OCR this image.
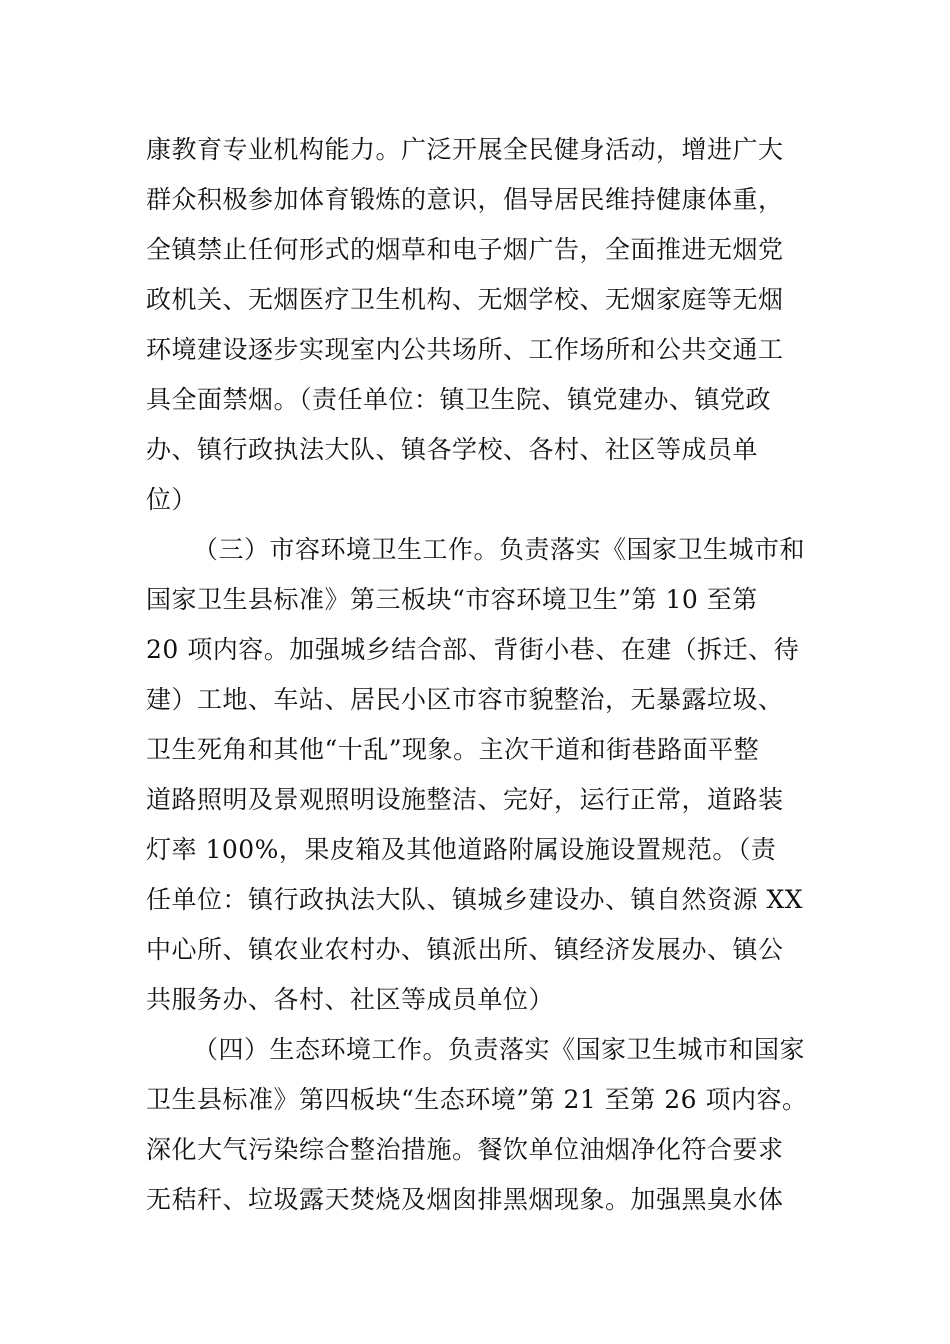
康教育专业机构能力。广泛开展全民健身活动，增进广大
群众积极参加体育锻炼的意识，倡导居民维持健康体重，
全镇禁止任何形式的烟草和电子烟广告，全面推进无烟党
政机关、无烟医疗卫生机构、无烟学校、无烟家庭等无烟
环境建设逐步实现室内公共场所、工作场所和公共交通工
具全面禁烟。（责任单位：镇卫生院、镇党建办、镇党政
办、镇行政执法大队、镇各学校、各村、社区等成员单
位）
（三）市容环境卫生工作。负责落实《国家卫生城市和
国家卫生县标准》第三板块“市容环境卫生”第 10 至第
20 项内容。加强城乡结合部、背街小巷、在建（拆迁、待
建）工地、车站、居民小区市容市貌整治，无暴露垃圾、
卫生死角和其他“十乱”现象。主次干道和街巷路面平整
道路照明及景观照明设施整洁、完好，运行正常，道路装
灯率 100%，果皮箱及其他道路附属设施设置规范。（责
任单位：镇行政执法大队、镇城乡建设办、镇自然资源 XX
中心所、镇农业农村办、镇派出所、镇经济发展办、镇公
共服务办、各村、社区等成员单位）
（四）生态环境工作。负责落实《国家卫生城市和国家
卫生县标准》第四板块“生态环境”第 21 至第 26 项内容。
深化大气污染综合整治措施。餐饮单位油烟净化符合要求
无秸秆、垃圾露天焚烧及烟囱排黑烟现象。加强黑臭水体
